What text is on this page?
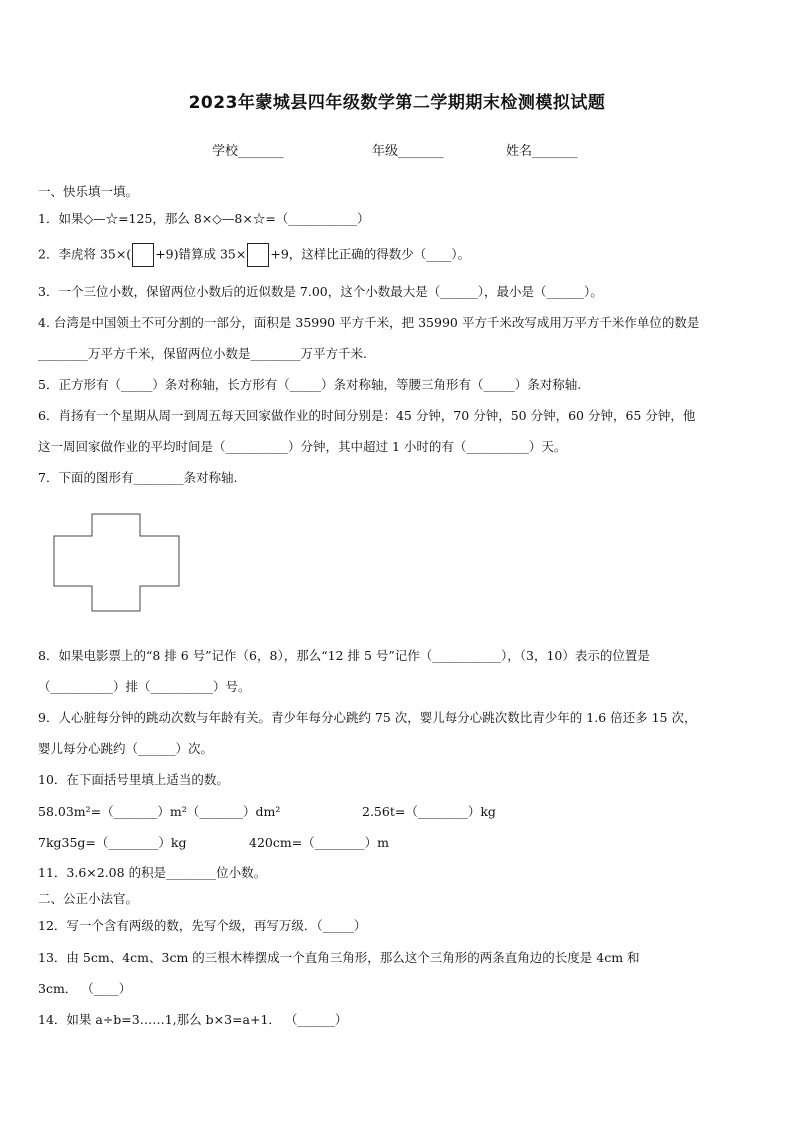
2023年蒙城县四年级数学第二学期期末检测模拟试题
学校_______	年级_______	姓名_______
一、快乐填一填。
1．如果◇—☆=125，那么 8×◇—8×☆=（___________）
2．李虎将 35×( +9)错算成 35× +9，这样比正确的得数少（____）。
3．一个三位小数，保留两位小数后的近似数是 7.00，这个小数最大是（______），最小是（______）。
4. 台湾是中国领土不可分割的一部分，面积是 35990 平方千米，把 35990 平方千米改写成用万平方千米作单位的数是
________万平方千米，保留两位小数是________万平方千米.
5．正方形有（_____）条对称轴，长方形有（_____）条对称轴，等腰三角形有（_____）条对称轴.
6．肖扬有一个星期从周一到周五每天回家做作业的时间分别是：45 分钟，70 分钟，50 分钟，60 分钟，65 分钟，他
这一周回家做作业的平均时间是（__________）分钟，其中超过 1 小时的有（__________）天。
7．下面的图形有________条对称轴.
8．如果电影票上的“8 排 6 号”记作（6，8），那么“12 排 5 号”记作（___________），（3，10）表示的位置是
（__________）排（__________）号。
9．人心脏每分钟的跳动次数与年龄有关。青少年每分心跳约 75 次，婴儿每分心跳次数比青少年的 1.6 倍还多 15 次，
婴儿每分心跳约（______）次。
10．在下面括号里填上适当的数。
58.03m²=（_______）m²（_______）dm²	2.56t=（________）kg
7kg35g=（________）kg	420cm=（________）m
11．3.6×2.08 的积是________位小数。
二、公正小法官。
12．写一个含有两级的数，先写个级，再写万级．（_____）
13．由 5cm、4cm、3cm 的三根木棒摆成一个直角三角形，那么这个三角形的两条直角边的长度是 4cm 和
3cm． （____）
14．如果 a÷b=3……1,那么 b×3=a+1． （______）
